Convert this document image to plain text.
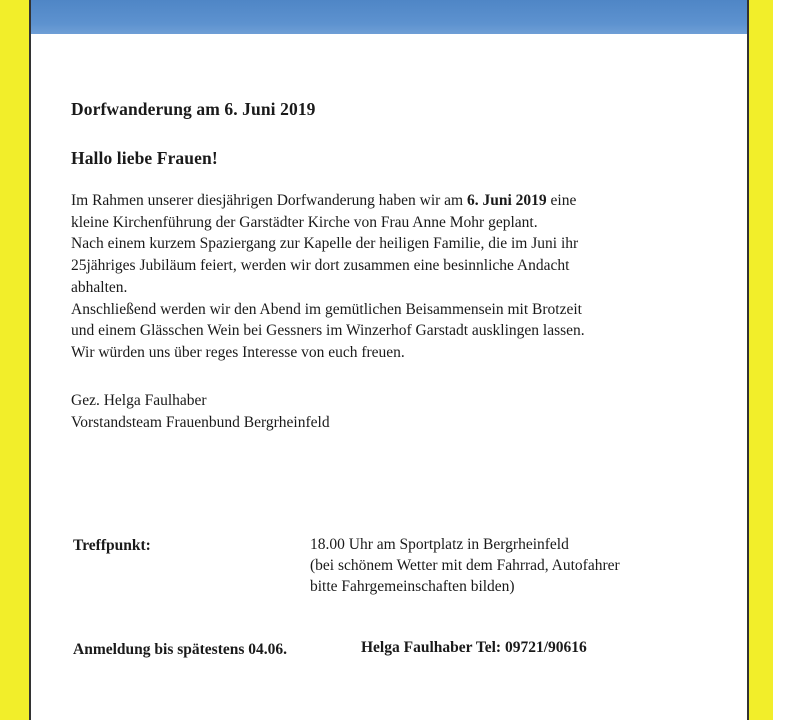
Dorfwanderung am 6. Juni 2019
Hallo liebe Frauen!

Im Rahmen unserer diesjährigen Dorfwanderung haben wir am 6. Juni 2019 eine

kleine Kirchenführung der Garstädter Kirche von Frau Anne Mohr geplant.

Nach einem kurzem Spaziergang zur Kapelle der heiligen Familie, die im Juni ihr

25jähriges Jubiläum feiert, werden wir dort zusammen eine besinnliche Andacht

abhalten.

Anschließend werden wir den Abend im gemütlichen Beisammensein mit Brotzeit

und einem Glässchen Wein bei Gessners im Winzerhof Garstadt ausklingen lassen.

Wir würden uns über reges Interesse von euch freuen.

Gez. Helga Faulhaber
Vorstandsteam Frauenbund Bergrheinfeld
Treffpunkt:	18.00 Uhr am Sportplatz in Bergrheinfeld
(bei schönem Wetter mit dem Fahrrad, Autofahrer
bitte Fahrgemeinschaften bilden)
Anmeldung bis spätestens 04.06.	Helga Faulhaber Tel: 09721/90616
